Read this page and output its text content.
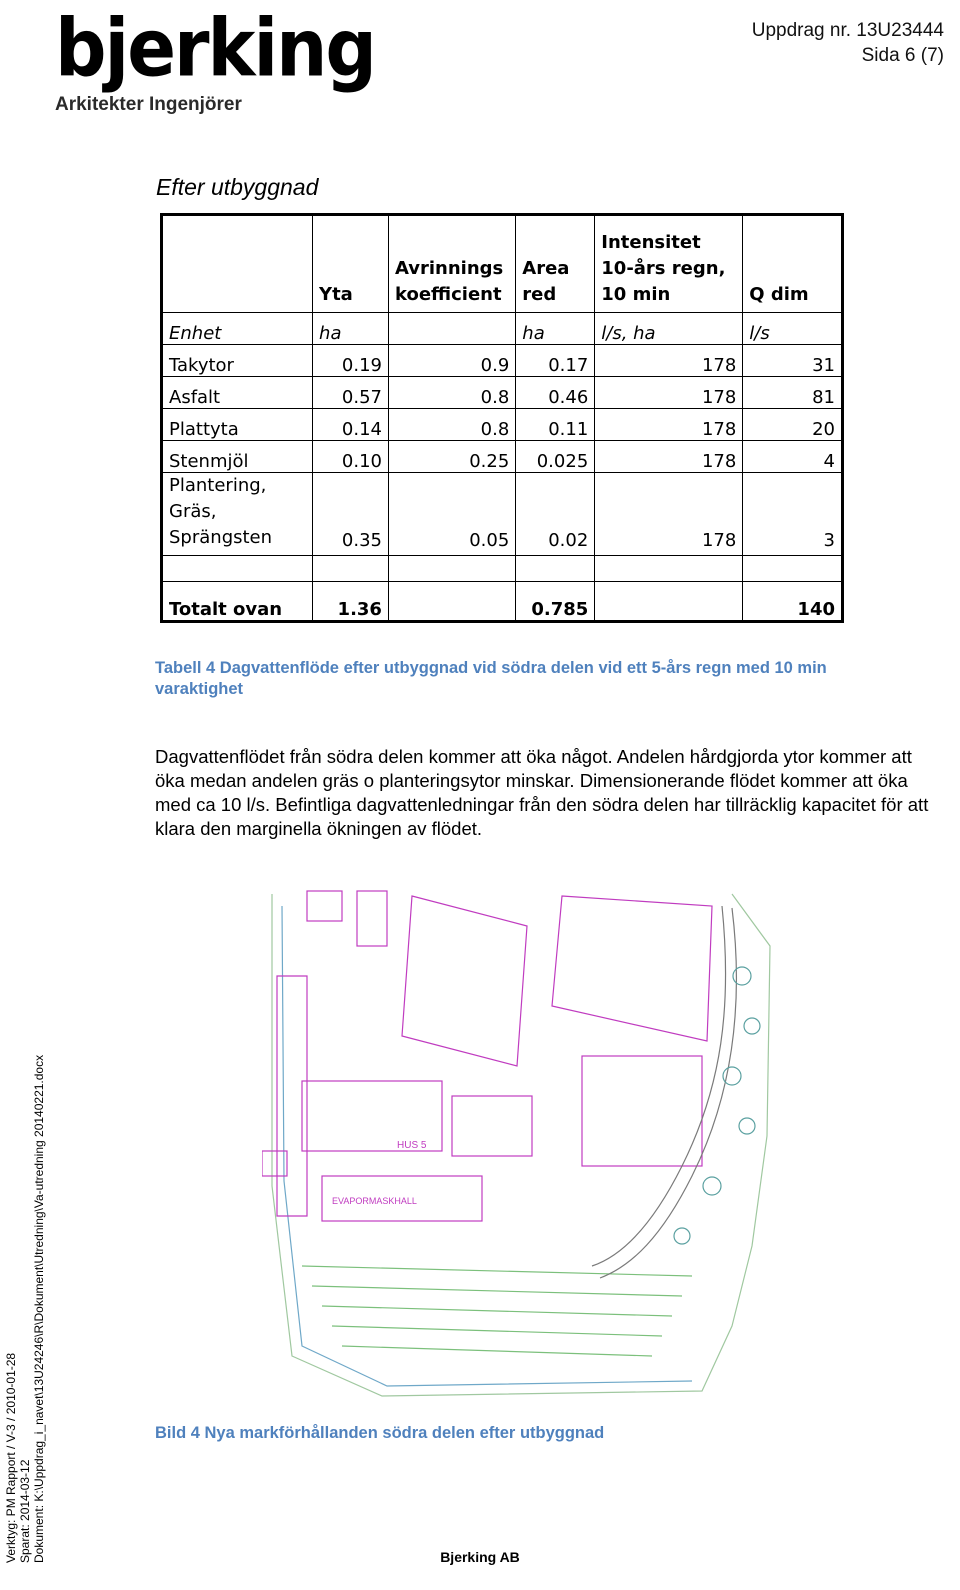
bjerking
Arkitekter Ingenjörer
Uppdrag nr. 13U23444
Sida 6 (7)
Efter utbyggnad
	Yta	Avrinnings koefficient	Area red	Intensitet 10-års regn, 10 min	Q dim
Enhet	ha		ha	l/s, ha	l/s
Takytor	0.19	0.9	0.17	178	31
Asfalt	0.57	0.8	0.46	178	81
Plattyta	0.14	0.8	0.11	178	20
Stenmjöl	0.10	0.25	0.025	178	4
Plantering, Gräs, Sprängsten	0.35	0.05	0.02	178	3

Totalt ovan	1.36		0.785		140
Tabell 4 Dagvattenflöde efter utbyggnad vid södra delen vid ett 5-års regn med 10 min varaktighet
Dagvattenflödet från södra delen kommer att öka något. Andelen hårdgjorda ytor kommer att öka medan andelen gräs o planteringsytor minskar. Dimensionerande flödet kommer att öka med ca 10 l/s. Befintliga dagvattenledningar från den södra delen har tillräcklig kapacitet för att klara den marginella ökningen av flödet.
HUS 5
EVAPORMASKHALL
Bild 4 Nya markförhållanden södra delen efter utbyggnad
Verktyg: PM Rapport / V-3 / 2010-01-28 Sparat: 2014-03-12 Dokument: K:\Uppdrag_i_navet\13U24246\R\Dokument\Utredning\Va-utredning 20140221.docx	Bjerking AB
